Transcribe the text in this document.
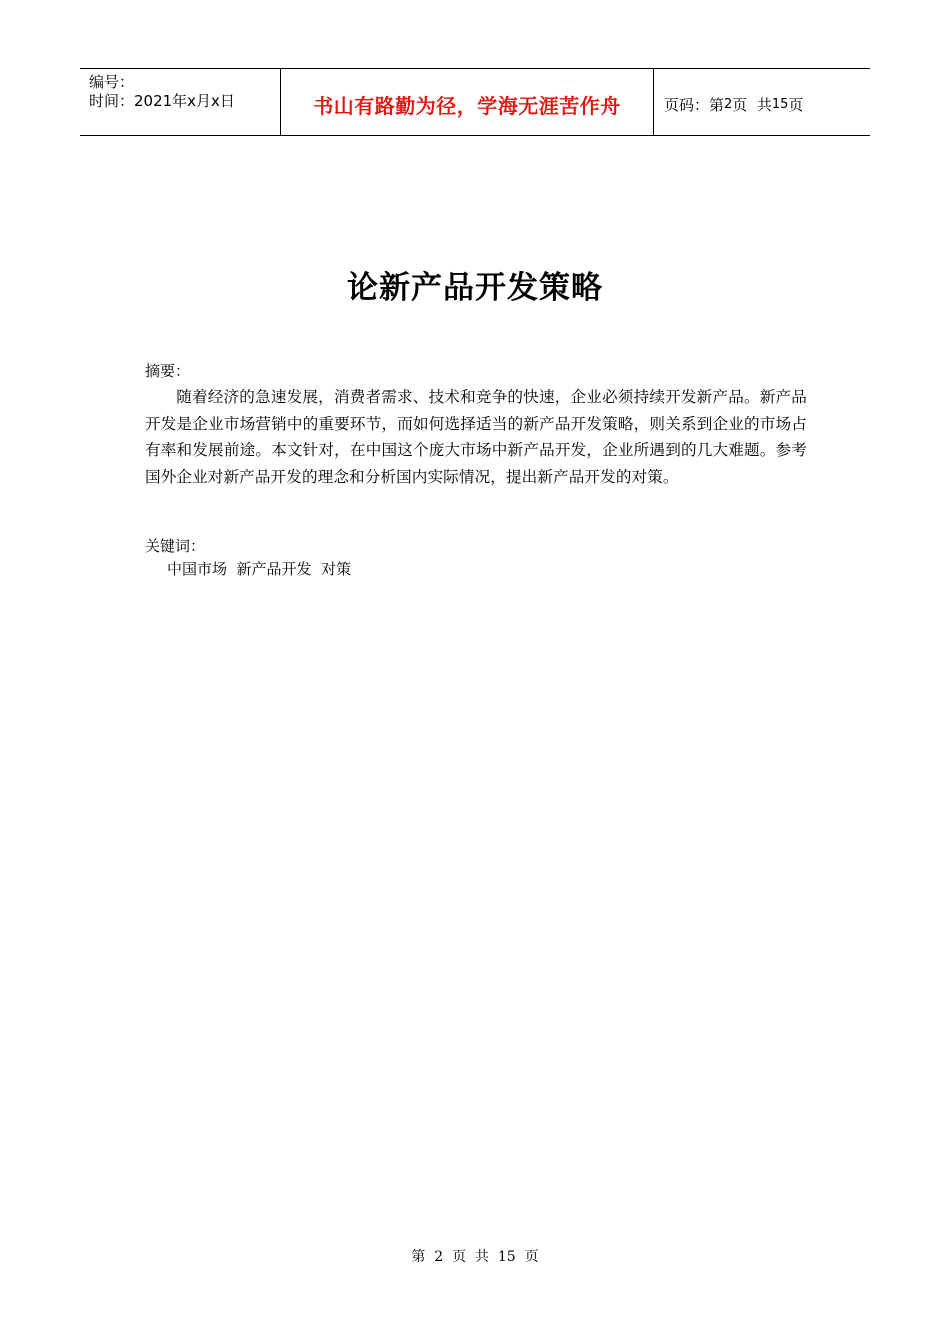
编号：
时间：2021年x月x日	书山有路勤为径，学海无涯苦作舟	页码：第 2 页  共 15 页
论新产品开发策略
摘要：
随着经济的急速发展，消费者需求、技术和竞争的快速，企业必须持续开发新产品。新产品开发是企业市场营销中的重要环节，而如何选择适当的新产品开发策略，则关系到企业的市场占有率和发展前途。本文针对，在中国这个庞大市场中新产品开发，企业所遇到的几大难题。参考国外企业对新产品开发的理念和分析国内实际情况，提出新产品开发的对策。
关键词：
中国市场  新产品开发  对策
第  2  页  共  15  页
